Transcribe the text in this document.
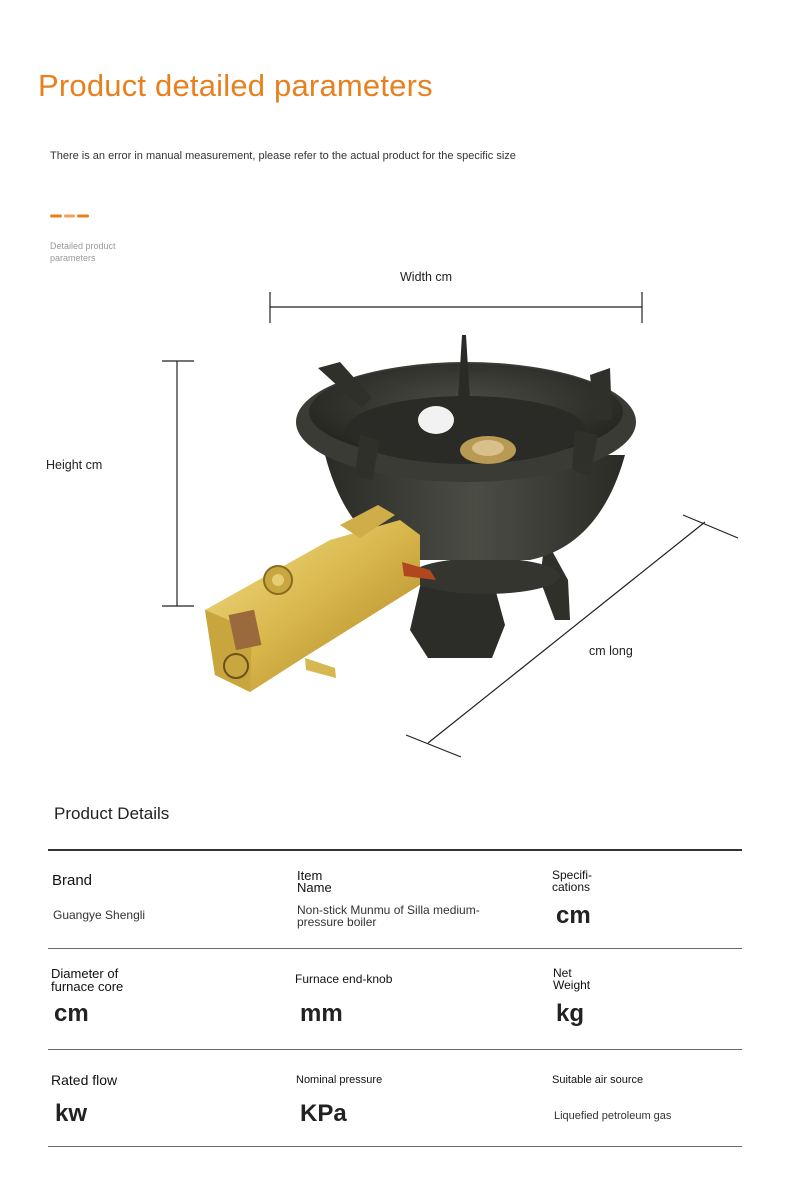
Product detailed parameters
There is an error in manual measurement, please refer to the actual product for the specific size
Detailed product parameters
Width cm
Height cm
cm long
Product Details
Brand
Guangye Shengli
Item Name
Non-stick Munmu of Silla medium-pressure boiler
Specifi-cations
cm
Diameter of furnace core
cm
Furnace end-knob
mm
Net Weight
kg
Rated flow
kw
Nominal pressure
KPa
Suitable air source
Liquefied petroleum gas
